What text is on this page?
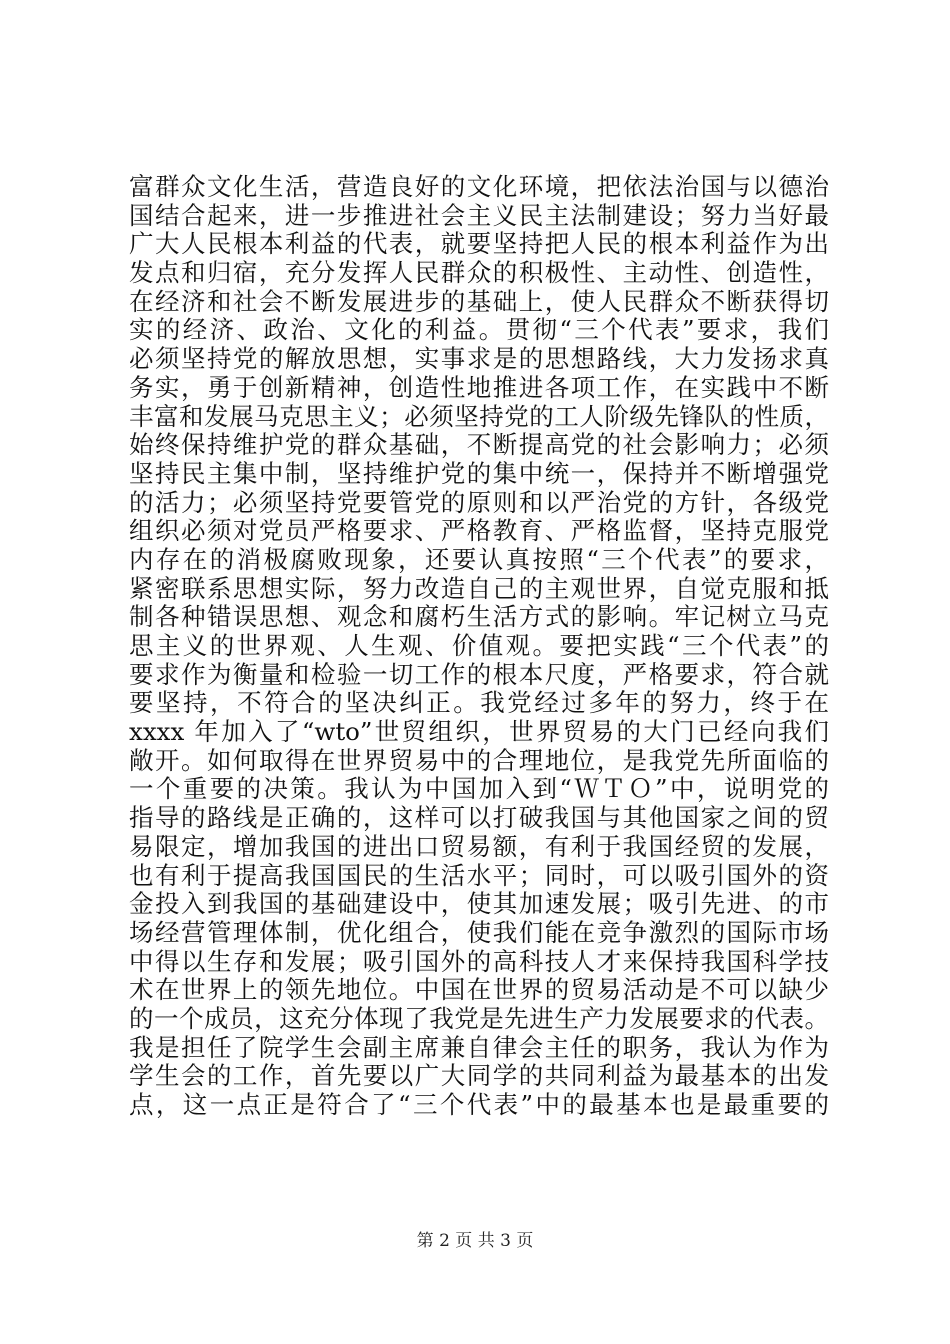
富群众文化生活，营造良好的文化环境，把依法治国与以德治
国结合起来，进一步推进社会主义民主法制建设；努力当好最
广大人民根本利益的代表，就要坚持把人民的根本利益作为出
发点和归宿，充分发挥人民群众的积极性、主动性、创造性，
在经济和社会不断发展进步的基础上，使人民群众不断获得切
实的经济、政治、文化的利益。贯彻“三个代表”要求，我们
必须坚持党的解放思想，实事求是的思想路线，大力发扬求真
务实，勇于创新精神，创造性地推进各项工作，在实践中不断
丰富和发展马克思主义；必须坚持党的工人阶级先锋队的性质，
始终保持维护党的群众基础，不断提高党的社会影响力；必须
坚持民主集中制，坚持维护党的集中统一，保持并不断增强党
的活力；必须坚持党要管党的原则和以严治党的方针，各级党
组织必须对党员严格要求、严格教育、严格监督，坚持克服党
内存在的消极腐败现象，还要认真按照“三个代表”的要求，
紧密联系思想实际，努力改造自己的主观世界，自觉克服和抵
制各种错误思想、观念和腐朽生活方式的影响。牢记树立马克
思主义的世界观、人生观、价值观。要把实践“三个代表”的
要求作为衡量和检验一切工作的根本尺度，严格要求，符合就
要坚持，不符合的坚决纠正。我党经过多年的努力，终于在
xxxx 年加入了“wto”世贸组织，世界贸易的大门已经向我们
敞开。如何取得在世界贸易中的合理地位，是我党先所面临的
一个重要的决策。我认为中国加入到“ＷＴＯ”中，说明党的
指导的路线是正确的，这样可以打破我国与其他国家之间的贸
易限定，增加我国的进出口贸易额，有利于我国经贸的发展，
也有利于提高我国国民的生活水平；同时，可以吸引国外的资
金投入到我国的基础建设中，使其加速发展；吸引先进、的市
场经营管理体制，优化组合，使我们能在竞争激烈的国际市场
中得以生存和发展；吸引国外的高科技人才来保持我国科学技
术在世界上的领先地位。中国在世界的贸易活动是不可以缺少
的一个成员，这充分体现了我党是先进生产力发展要求的代表。
我是担任了院学生会副主席兼自律会主任的职务，我认为作为
学生会的工作，首先要以广大同学的共同利益为最基本的出发
点，这一点正是符合了“三个代表”中的最基本也是最重要的
第 2 页 共 3 页
